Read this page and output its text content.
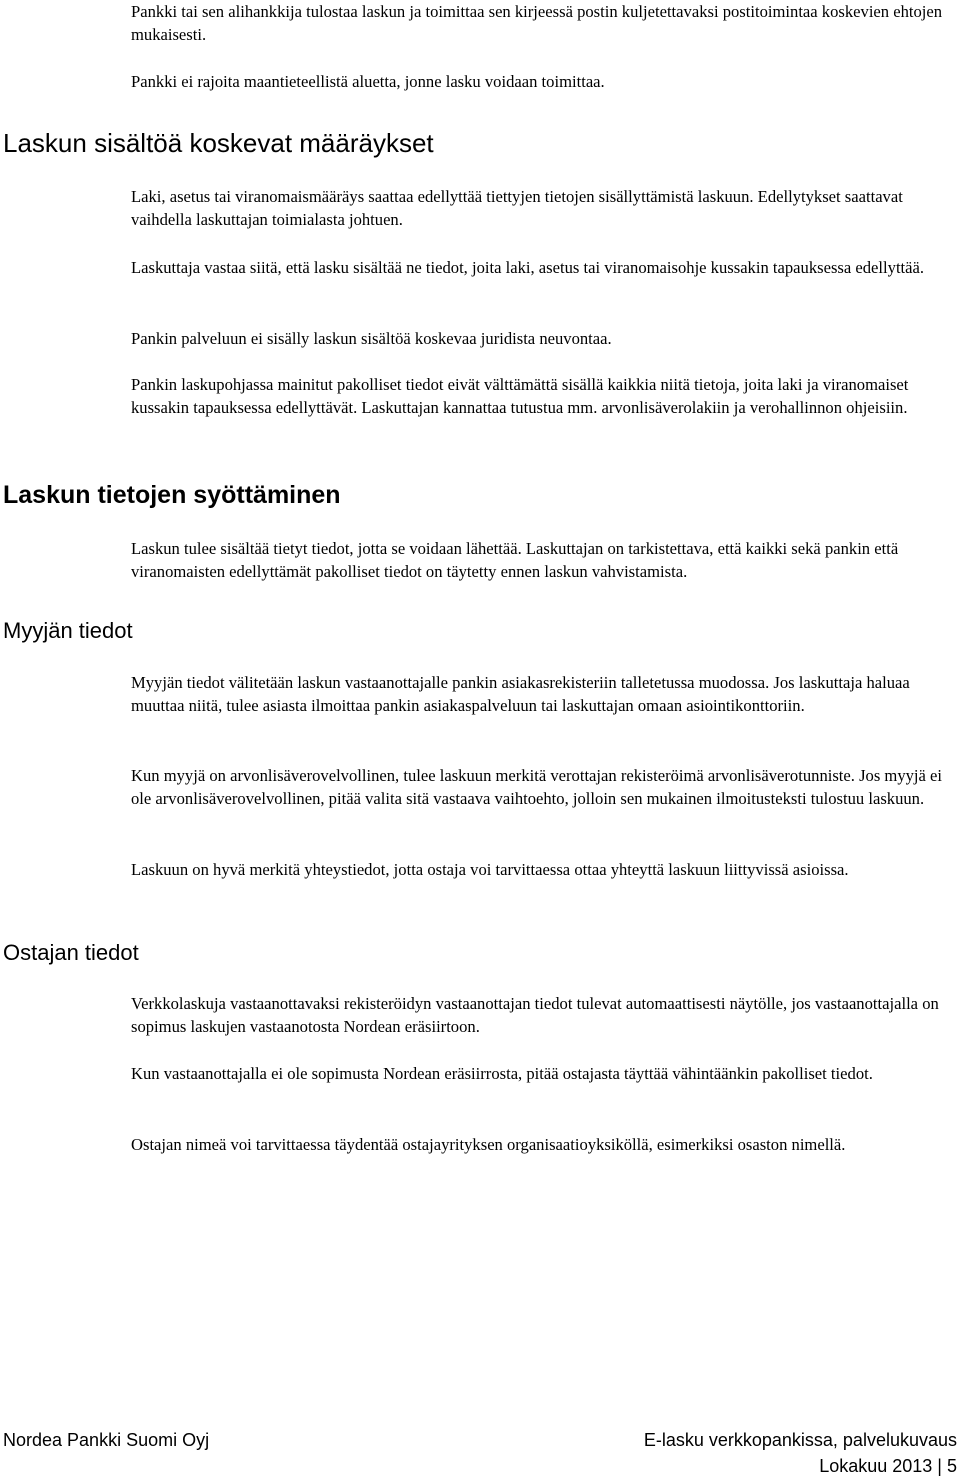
Pankki tai sen alihankkija tulostaa laskun ja toimittaa sen kirjeessä postin kuljetettavaksi postitoimintaa koskevien ehtojen mukaisesti.

Pankki ei rajoita maantieteellistä aluetta, jonne lasku voidaan toimittaa.

Laskun sisältöä koskevat määräykset

Laki, asetus tai viranomaismääräys saattaa edellyttää tiettyjen tietojen sisällyttämistä laskuun. Edellytykset saattavat vaihdella laskuttajan toimialasta johtuen.

Laskuttaja vastaa siitä, että lasku sisältää ne tiedot, joita laki, asetus tai viranomaisohje kussakin tapauksessa edellyttää.

Pankin palveluun ei sisälly laskun sisältöä koskevaa juridista neuvontaa.

Pankin laskupohjassa mainitut pakolliset tiedot eivät välttämättä sisällä kaikkia niitä tietoja, joita laki ja viranomaiset kussakin tapauksessa edellyttävät. Laskuttajan kannattaa tutustua mm. arvonlisäverolakiin ja verohallinnon ohjeisiin.

Laskun tietojen syöttäminen

Laskun tulee sisältää tietyt tiedot, jotta se voidaan lähettää. Laskuttajan on tarkistettava, että kaikki sekä pankin että viranomaisten edellyttämät pakolliset tiedot on täytetty ennen laskun vahvistamista.

Myyjän tiedot

Myyjän tiedot välitetään laskun vastaanottajalle pankin asiakasrekisteriin talletetussa muodossa. Jos laskuttaja haluaa muuttaa niitä, tulee asiasta ilmoittaa pankin asiakaspalveluun tai laskuttajan omaan asiointikonttoriin.

Kun myyjä on arvonlisäverovelvollinen, tulee laskuun merkitä verottajan rekisteröimä arvonlisäverotunniste. Jos myyjä ei ole arvonlisäverovelvollinen, pitää valita sitä vastaava vaihtoehto, jolloin sen mukainen ilmoitusteksti tulostuu laskuun.

Laskuun on hyvä merkitä yhteystiedot, jotta ostaja voi tarvittaessa ottaa yhteyttä laskuun liittyvissä asioissa.

Ostajan tiedot

Verkkolaskuja vastaanottavaksi rekisteröidyn vastaanottajan tiedot tulevat automaattisesti näytölle, jos vastaanottajalla on sopimus laskujen vastaanotosta Nordean eräsiirtoon.

Kun vastaanottajalla ei ole sopimusta Nordean eräsiirrosta, pitää ostajasta täyttää vähintäänkin pakolliset tiedot.

Ostajan nimeä voi tarvittaessa täydentää ostajayrityksen organisaatioyksiköllä, esimerkiksi osaston nimellä.

Nordea Pankki Suomi Oyj	E-lasku verkkopankissa, palvelukuvaus
Lokakuu 2013 | 5
